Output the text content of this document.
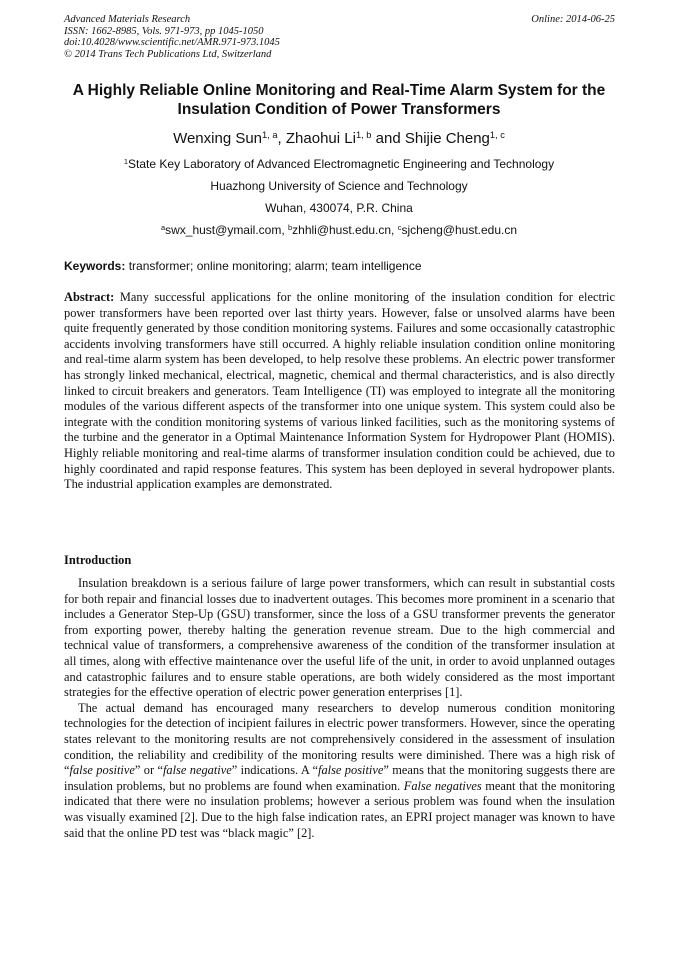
Advanced Materials Research
ISSN: 1662-8985, Vols. 971-973, pp 1045-1050
doi:10.4028/www.scientific.net/AMR.971-973.1045
© 2014 Trans Tech Publications Ltd, Switzerland
Online: 2014-06-25
A Highly Reliable Online Monitoring and Real-Time Alarm System for the Insulation Condition of Power Transformers
Wenxing Sun$^{1, a}$, Zhaohui Li$^{1, b}$ and Shijie Cheng$^{1, c}$
$^1$State Key Laboratory of Advanced Electromagnetic Engineering and Technology
Huazhong University of Science and Technology
Wuhan, 430074, P.R. China
$^a$swx_hust@ymail.com, $^b$zhhli@hust.edu.cn, $^c$sjcheng@hust.edu.cn
Keywords: transformer; online monitoring; alarm; team intelligence

Abstract: Many successful applications for the online monitoring of the insulation condition for electric power transformers have been reported over last thirty years. However, false or unsolved alarms have been quite frequently generated by those condition monitoring systems. Failures and some occasionally catastrophic accidents involving transformers have still occurred. A highly reliable insulation condition online monitoring and real-time alarm system has been developed, to help resolve these problems. An electric power transformer has strongly linked mechanical, electrical, magnetic, chemical and thermal characteristics, and is also directly linked to circuit breakers and generators. Team Intelligence (TI) was employed to integrate all the monitoring modules of the various different aspects of the transformer into one unique system. This system could also be integrate with the condition monitoring systems of various linked facilities, such as the monitoring systems of the turbine and the generator in a Optimal Maintenance Information System for Hydropower Plant (HOMIS). Highly reliable monitoring and real-time alarms of transformer insulation condition could be achieved, due to highly coordinated and rapid response features. This system has been deployed in several hydropower plants. The industrial application examples are demonstrated.

Introduction

Insulation breakdown is a serious failure of large power transformers, which can result in substantial costs for both repair and financial losses due to inadvertent outages. This becomes more prominent in a scenario that includes a Generator Step-Up (GSU) transformer, since the loss of a GSU transformer prevents the generator from exporting power, thereby halting the generation revenue stream. Due to the high commercial and technical value of transformers, a comprehensive awareness of the condition of the transformer insulation at all times, along with effective maintenance over the useful life of the unit, in order to avoid unplanned outages and catastrophic failures and to ensure stable operations, are both widely considered as the most important strategies for the effective operation of electric power generation enterprises [1].

The actual demand has encouraged many researchers to develop numerous condition monitoring technologies for the detection of incipient failures in electric power transformers. However, since the operating states relevant to the monitoring results are not comprehensively considered in the assessment of insulation condition, the reliability and credibility of the monitoring results were diminished. There was a high risk of “false positive” or “false negative” indications. A “false positive” means that the monitoring suggests there are insulation problems, but no problems are found when examination. False negatives meant that the monitoring indicated that there were no insulation problems; however a serious problem was found when the insulation was visually examined [2]. Due to the high false indication rates, an EPRI project manager was known to have said that the online PD test was “black magic” [2].
